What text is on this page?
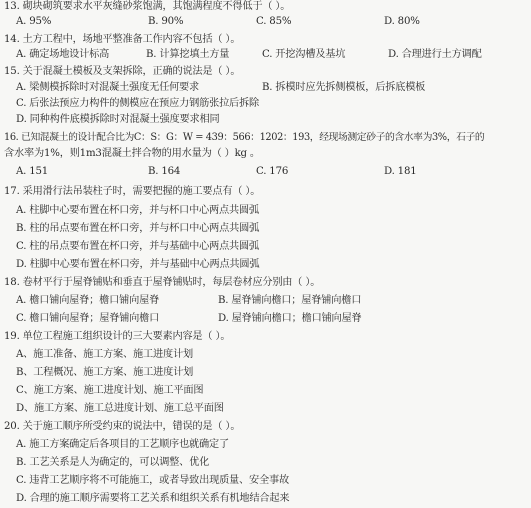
13. 砌块砌筑要求水平灰缝砂浆饱满，其饱满程度不得低于（ ）。
A. 95%	B. 90%	C. 85%	D. 80%
14. 土方工程中，场地平整准备工作内容不包括（ ）。
A. 确定场地设计标高	B. 计算挖填土方量	C. 开挖沟槽及基坑	D. 合理进行土方调配
15. 关于混凝土模板及支架拆除，正确的说法是（ ）。
A. 梁侧模拆除时对混凝土强度无任何要求	B. 拆模时应先拆侧模板，后拆底模板
C. 后张法预应力构件的侧模应在预应力钢筋张拉后拆除
D. 同种构件底模拆除时对混凝土强度要求相同
16. 已知混凝土的设计配合比为C：S：G：W = 439：566：1202：193，经现场测定砂子的含水率为3%，石子的
含水率为1%，则1m3混凝土拌合物的用水量为（ ）kg 。
A. 151	B. 164	C. 176	D. 181
17. 采用滑行法吊装柱子时，需要把握的施工要点有（ ）。
A. 柱脚中心要布置在杯口旁，并与杯口中心两点共圆弧
B. 柱的吊点要布置在杯口旁，并与杯口中心两点共圆弧
C. 柱的吊点要布置在杯口旁，并与基础中心两点共圆弧
D. 柱脚中心要布置在杯口旁，并与基础中心两点共圆弧
18. 卷材平行于屋脊铺贴和垂直于屋脊铺贴时，每层卷材应分别由（ ）。
A. 檐口铺向屋脊；檐口铺向屋脊	B. 屋脊铺向檐口；屋脊铺向檐口
C. 檐口铺向屋脊；屋脊铺向檐口	D. 屋脊铺向檐口；檐口铺向屋脊
19. 单位工程施工组织设计的三大要素内容是（ ）。
A、施工准备、施工方案、施工进度计划
B、工程概况、施工方案、施工进度计划
C、施工方案、施工进度计划、施工平面图
D、施工方案、施工总进度计划、施工总平面图
20. 关于施工顺序所受约束的说法中，错误的是（ ）。
A. 施工方案确定后各项目的工艺顺序也就确定了
B. 工艺关系是人为确定的，可以调整、优化
C. 违背工艺顺序将不可能施工，或者导致出现质量、安全事故
D. 合理的施工顺序需要将工艺关系和组织关系有机地结合起来
